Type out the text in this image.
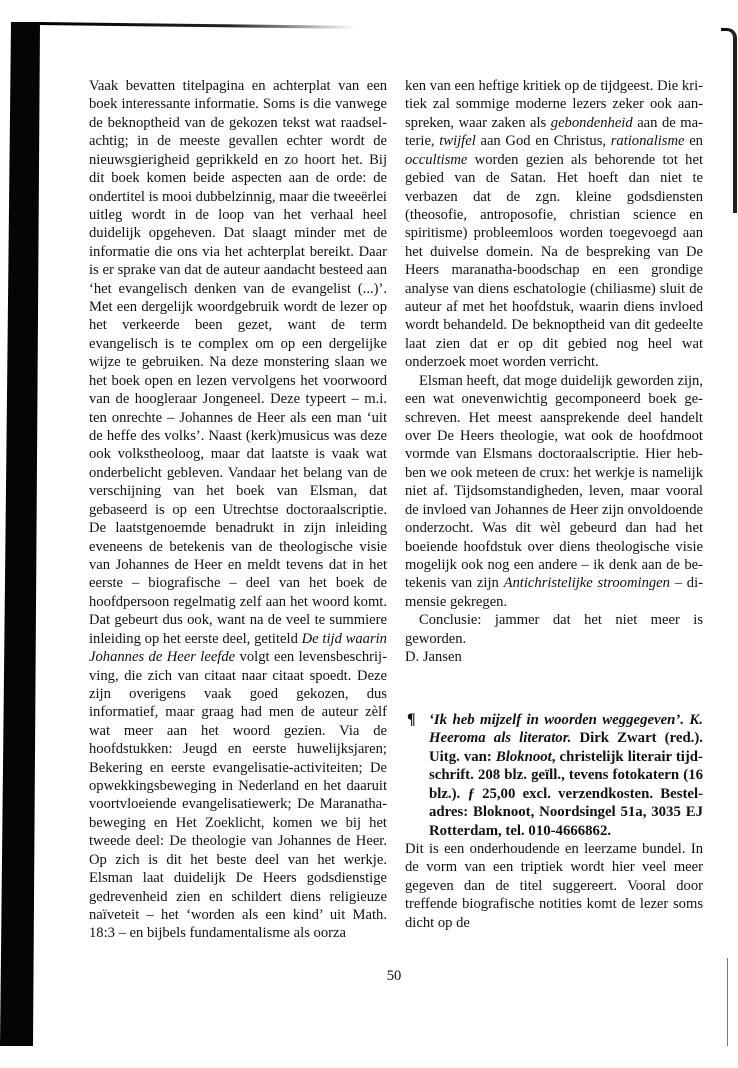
Vaak bevatten titelpagina en achterplat van een boek interessante informatie. Soms is die vanwege de beknoptheid van de gekozen tekst wat raadselachtig; in de meeste gevallen echter wordt de nieuwsgierigheid geprikkeld en zo hoort het. Bij dit boek komen beide aspecten aan de orde: de ondertitel is mooi dubbelzinnig, maar die tweeërlei uitleg wordt in de loop van het verhaal heel duidelijk opgeheven. Dat slaagt minder met de informatie die ons via het achterplat bereikt. Daar is er sprake van dat de auteur aandacht besteed aan ‘het evangelisch denken van de evangelist (...)’. Met een dergelijk woordgebruik wordt de lezer op het verkeerde been gezet, want de term evangelisch is te complex om op een dergelijke wijze te gebruiken. Na deze monstering slaan we het boek open en lezen vervolgens het voorwoord van de hoogleraar Jongeneel. Deze typeert – m.i. ten onrechte – Johannes de Heer als een man ‘uit de heffe des volks’. Naast (kerk)musicus was deze ook volkstheoloog, maar dat laatste is vaak wat onderbelicht gebleven. Vandaar het belang van de verschijning van het boek van Elsman, dat gebaseerd is op een Utrechtse doctoraalscriptie. De laatstgenoemde benadrukt in zijn inleiding eveneens de betekenis van de theologische visie van Johannes de Heer en meldt tevens dat in het eerste – biografische – deel van het boek de hoofdpersoon regelmatig zelf aan het woord komt. Dat gebeurt dus ook, want na de veel te summiere inleiding op het eerste deel, getiteld De tijd waarin Johannes de Heer leefde volgt een levensbeschrijving, die zich van citaat naar citaat spoedt. Deze zijn overigens vaak goed gekozen, dus informatief, maar graag had men de auteur zèlf wat meer aan het woord gezien. Via de hoofdstukken: Jeugd en eerste huwelijksjaren; Bekering en eerste evangelisatie-activiteiten; De opwekkingsbeweging in Nederland en het daaruit voortvloeiende evangelisatiewerk; De Maranatha-beweging en Het Zoeklicht, komen we bij het tweede deel: De theologie van Johannes de Heer. Op zich is dit het beste deel van het werkje. Elsman laat duidelijk De Heers godsdienstige gedrevenheid zien en schildert diens religieuze naïveteit – het ‘worden als een kind’ uit Math. 18:3 – en bijbels fundamentalisme als oorza

ken van een heftige kritiek op de tijdgeest. Die kritiek zal sommige moderne lezers zeker ook aanspreken, waar zaken als gebondenheid aan de materie, twijfel aan God en Christus, rationalisme en occultisme worden gezien als behorende tot het gebied van de Satan. Het hoeft dan niet te verbazen dat de zgn. kleine godsdiensten (theosofie, antroposofie, christian science en spiritisme) probleemloos worden toegevoegd aan het duivelse domein. Na de bespreking van De Heers maranatha-boodschap en een grondige analyse van diens eschatologie (chiliasme) sluit de auteur af met het hoofdstuk, waarin diens invloed wordt behandeld. De beknoptheid van dit gedeelte laat zien dat er op dit gebied nog heel wat onderzoek moet worden verricht.

Elsman heeft, dat moge duidelijk geworden zijn, een wat onevenwichtig gecomponeerd boek geschreven. Het meest aansprekende deel handelt over De Heers theologie, wat ook de hoofdmoot vormde van Elsmans doctoraalscriptie. Hier hebben we ook meteen de crux: het werkje is namelijk niet af. Tijdsomstandigheden, leven, maar vooral de invloed van Johannes de Heer zijn onvoldoende onderzocht. Was dit wèl gebeurd dan had het boeiende hoofdstuk over diens theologische visie mogelijk ook nog een andere – ik denk aan de betekenis van zijn Antichristelijke stroomingen – dimensie gekregen.

Conclusie: jammer dat het niet meer is geworden.

D. Jansen

¶ ‘Ik heb mijzelf in woorden weggegeven’. K. Heeroma als literator. Dirk Zwart (red.). Uitg. van: Bloknoot, christelijk literair tijdschrift. 208 blz. geïll., tevens fotokatern (16 blz.). ƒ 25,00 excl. verzendkosten. Besteladres: Bloknoot, Noordsingel 51a, 3035 EJ Rotterdam, tel. 010-4666862.

Dit is een onderhoudende en leerzame bundel. In de vorm van een triptiek wordt hier veel meer gegeven dan de titel suggereert. Vooral door treffende biografische notities komt de lezer soms dicht op de

50
